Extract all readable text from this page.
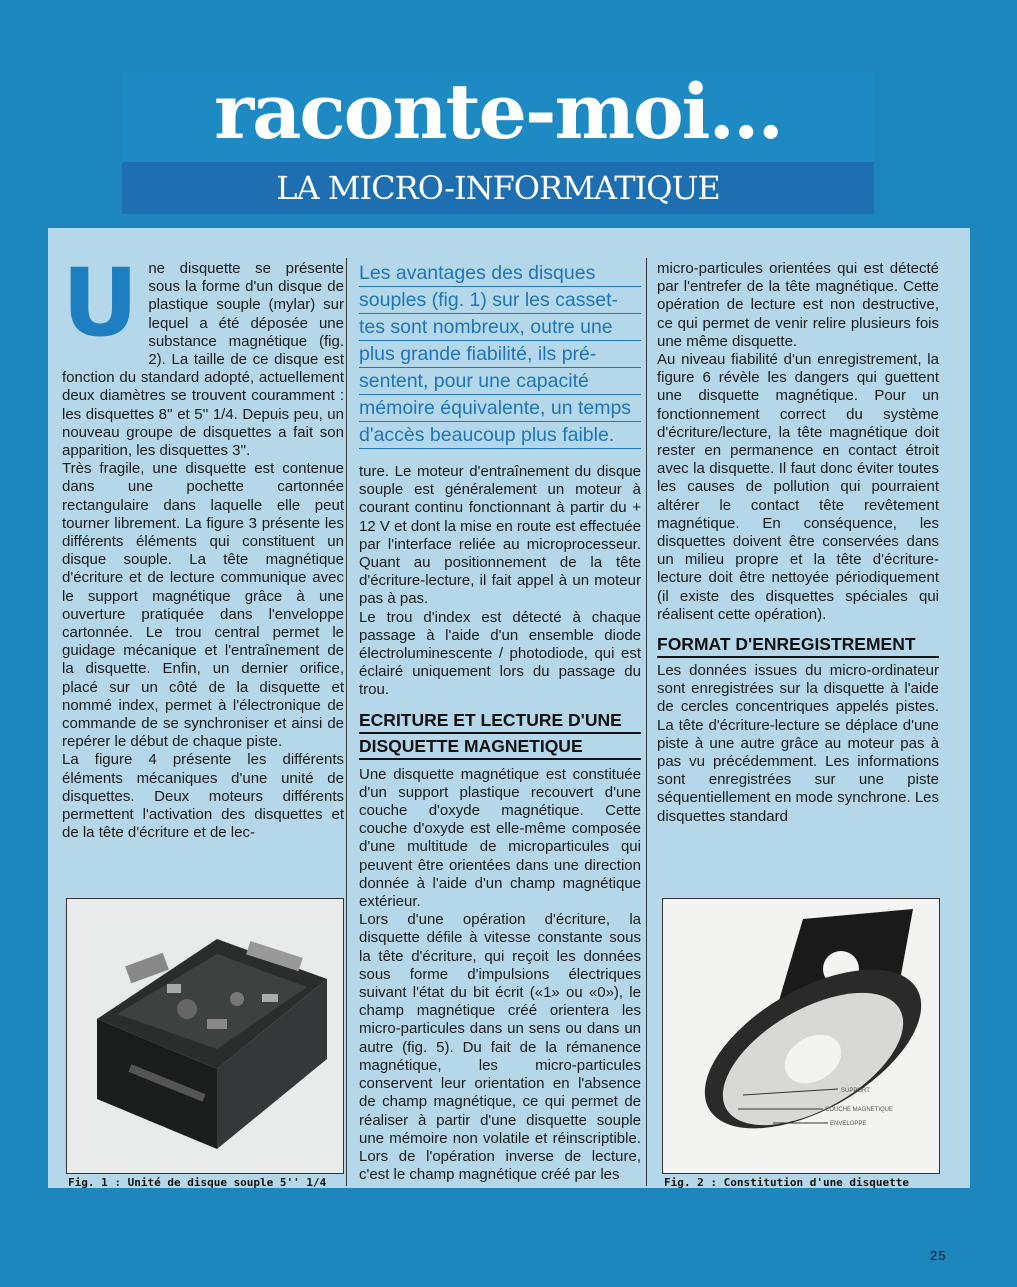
raconte-moi...
LA MICRO-INFORMATIQUE
U ne disquette se présente sous la forme d'un disque de plastique souple (mylar) sur lequel a été déposée une substance magnétique (fig. 2). La taille de ce disque est fonction du standard adopté, actuellement deux diamètres se trouvent couramment : les disquettes 8'' et 5'' 1/4. Depuis peu, un nouveau groupe de disquettes a fait son apparition, les disquettes 3''.

Très fragile, une disquette est contenue dans une pochette cartonnée rectangulaire dans laquelle elle peut tourner librement. La figure 3 présente les différents éléments qui constituent un disque souple. La tête magnétique d'écriture et de lecture communique avec le support magnétique grâce à une ouverture pratiquée dans l'enveloppe cartonnée. Le trou central permet le guidage mécanique et l'entraînement de la disquette. Enfin, un dernier orifice, placé sur un côté de la disquette et nommé index, permet à l'électronique de commande de se synchroniser et ainsi de repérer le début de chaque piste.

La figure 4 présente les différents éléments mécaniques d'une unité de disquettes. Deux moteurs différents permettent l'activation des disquettes et de la tête d'écriture et de lec-

Fig. 1 : Unité de disque souple 5'' 1/4
Les avantages des disques
souples (fig. 1) sur les casset-
tes sont nombreux, outre une
plus grande fiabilité, ils pré-
sentent, pour une capacité
mémoire équivalente, un temps
d'accès beaucoup plus faible.

ture. Le moteur d'entraînement du disque souple est généralement un moteur à courant continu fonctionnant à partir du + 12 V et dont la mise en route est effectuée par l'interface reliée au microprocesseur. Quant au positionnement de la tête d'écriture-lecture, il fait appel à un moteur pas à pas.

Le trou d'index est détecté à chaque passage à l'aide d'un ensemble diode électroluminescente / photodiode, qui est éclairé uniquement lors du passage du trou.

ECRITURE ET LECTURE D'UNE
DISQUETTE MAGNETIQUE

Une disquette magnétique est constituée d'un support plastique recouvert d'une couche d'oxyde magnétique. Cette couche d'oxyde est elle-même composée d'une multitude de microparticules qui peuvent être orientées dans une direction donnée à l'aide d'un champ magnétique extérieur.

Lors d'une opération d'écriture, la disquette défile à vitesse constante sous la tête d'écriture, qui reçoit les données sous forme d'impulsions électriques suivant l'état du bit écrit («1» ou «0»), le champ magnétique créé orientera les micro-particules dans un sens ou dans un autre (fig. 5). Du fait de la rémanence magnétique, les micro-particules conservent leur orientation en l'absence de champ magnétique, ce qui permet de réaliser à partir d'une disquette souple une mémoire non volatile et réinscriptible. Lors de l'opération inverse de lecture, c'est le champ magnétique créé par les

micro-particules orientées qui est détecté par l'entrefer de la tête magnétique. Cette opération de lecture est non destructive, ce qui permet de venir relire plusieurs fois une même disquette.

Au niveau fiabilité d'un enregistrement, la figure 6 révèle les dangers qui guettent une disquette magnétique. Pour un fonctionnement correct du système d'écriture/lecture, la tête magnétique doit rester en permanence en contact étroit avec la disquette. Il faut donc éviter toutes les causes de pollution qui pourraient altérer le contact tête revêtement magnétique. En conséquence, les disquettes doivent être conservées dans un milieu propre et la tête d'écriture-lecture doit être nettoyée périodiquement (il existe des disquettes spéciales qui réalisent cette opération).

FORMAT D'ENREGISTREMENT

Les données issues du micro-ordinateur sont enregistrées sur la disquette à l'aide de cercles concentriques appelés pistes. La tête d'écriture-lecture se déplace d'une piste à une autre grâce au moteur pas à pas vu précédemment. Les informations sont enregistrées sur une piste séquentiellement en mode synchrone. Les disquettes standard

SUPPORT
COUCHE MAGNETIQUE
ENVELOPPE
Fig. 2 : Constitution d'une disquette
25
